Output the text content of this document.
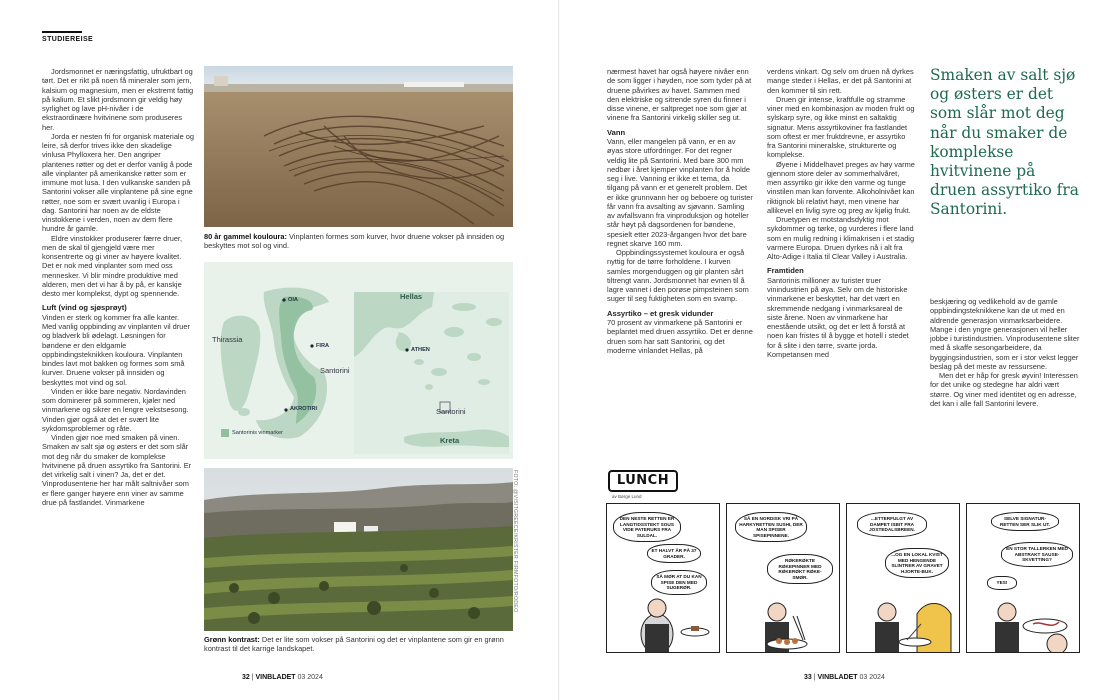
STUDIEREISE

Jordsmonnet er næringsfattig, ufruktbart og tørt. Det er rikt på noen få mineraler som jern, kalsium og magnesium, men er ekstremt fattig på kalium. Et slikt jordsmonn gir veldig høy syrlighet og lave pH-nivåer i de ekstraordinære hvitvinene som produseres her.

Jorda er nesten fri for organisk materiale og leire, så derfor trives ikke den skadelige vinlusa Phylloxera her. Den angriper plantenes røtter og det er derfor vanlig å pode alle vinplanter på amerikanske røtter som er immune mot lusa. I den vulkanske sanden på Santorini vokser alle vinplantene på sine egne røtter, noe som er svært uvanlig i Europa i dag. Santorini har noen av de eldste vinstokkene i verden, noen av dem flere hundre år gamle.

Eldre vinstokker produserer færre druer, men de skal til gjengjeld være mer konsentrerte og gi viner av høyere kvalitet. Det er nok med vinplanter som med oss mennesker. Vi blir mindre produktive med alderen, men det vi har å by på, er kanskje desto mer komplekst, dypt og spennende.

Luft (vind og sjøsprøyt)

Vinden er sterk og kommer fra alle kanter. Med vanlig oppbinding av vinplanten vil druer og bladverk bli ødelagt. Løsningen for bøndene er den eldgamle oppbindingsteknikken kouloura. Vinplanten bindes lavt mot bakken og formes som små kurver. Druene vokser på innsiden og beskyttes mot vind og sol.

Vinden er ikke bare negativ. Nordavinden som dominerer på sommeren, kjøler ned vinmarkene og sikrer en lengre vekstsesong. Vinden gjør også at det er svært lite sykdomsproblemer og råte.

Vinden gjør noe med smaken på vinen. Smaken av salt sjø og østers er det som slår mot deg når du smaker de komplekse hvitvinene på druen assyrtiko fra Santorini. Er det virkelig salt i vinen? Ja, det er det. Vinprodusentene her har målt saltnivåer som er flere ganger høyere enn viner av samme drue på fastlandet. Vinmarkene

80 år gammel kouloura: Vinplanten formes som kurver, hvor druene vokser på innsiden og beskyttes mot sol og vind.
Hellas
Thirassia
Santorini
Santorini
Kreta
OIA
FIRA
AKROTIRI
ATHEN
Santorinis vinmarker
FOTO: @VISITGREECE/KRISTER FIRMFOTO/RODEO
Grønn kontrast: Det er lite som vokser på Santorini og det er vinplantene som gir en grønn kontrast til det karrige landskapet.
32 | VINBLADET 03 2024

nærmest havet har også høyere nivåer enn de som ligger i høyden, noe som tyder på at druene påvirkes av havet. Sammen med den elektriske og sitrende syren du finner i disse vinene, er saltpreget noe som gjør at vinene fra Santorini virkelig skiller seg ut.

Vann

Vann, eller mangelen på vann, er en av øyas store utfordringer. For det regner veldig lite på Santorini. Med bare 300 mm nedbør i året kjemper vinplanten for å holde seg i live. Vanning er ikke et tema, da tilgang på vann er et generelt problem. Det er ikke grunnvann her og beboere og turister får vann fra avsalting av sjøvann. Samling av avfallsvann fra vinproduksjon og hoteller står høyt på dagsordenen for bøndene, spesielt etter 2023-årgangen hvor det bare regnet skarve 160 mm.

Oppbindingssystemet kouloura er også nyttig for de tørre forholdene. I kurven samles morgenduggen og gir planten sårt tiltrengt vann. Jordsmonnet har evnen til å lagre vannet i den porøse pimpsteinen som suger til seg fuktigheten som en svamp.

Assyrtiko – et gresk vidunder

70 prosent av vinmarkene på Santorini er beplantet med druen assyrtiko. Det er denne druen som har satt Santorini, og det moderne vinlandet Hellas, på

verdens vinkart. Og selv om druen nå dyrkes mange steder i Hellas, er det på Santorini at den kommer til sin rett.

Druen gir intense, kraftfulle og stramme viner med en kombinasjon av moden frukt og sylskarp syre, og ikke minst en saltaktig signatur. Mens assyrtikoviner fra fastlandet som oftest er mer fruktdrevne, er assyrtiko fra Santorini mineralske, strukturerte og komplekse.

Øyene i Middelhavet preges av høy varme gjennom store deler av sommerhalvåret, men assyrtiko gir ikke den varme og tunge vinstilen man kan forvente. Alkoholnivået kan riktignok bli relativt høyt, men vinene har allikevel en livlig syre og preg av kjølig frukt.

Druetypen er motstandsdyktig mot sykdommer og tørke, og vurderes i flere land som en mulig redning i klimakrisen i et stadig varmere Europa. Druen dyrkes nå i alt fra Alto-Adige i Italia til Clear Valley i Australia.

Framtiden

Santorinis millioner av turister truer vinindustrien på øya. Selv om de historiske vinmarkene er beskyttet, har det vært en skremmende nedgang i vinmarksareal de siste årene. Noen av vinmarkene har enestående utsikt, og det er lett å forstå at noen kan fristes til å bygge et hotell i stedet for å slite i den tørre, svarte jorda. Kompetansen med

beskjæring og vedlikehold av de gamle oppbindingsteknikkene kan dø ut med en aldrende generasjon vinmarksarbeidere. Mange i den yngre generasjonen vil heller jobbe i turistindustrien. Vinprodusentene sliter med å skaffe sesongarbeidere, da byggingsindustrien, som er i stor vekst legger beslag på det meste av ressursene.

Men det er håp for gresk øyvin! Interessen for det unike og stedegne har aldri vært større. Og viner med identitet og en adresse, det kan i alle fall Santorini levere.

33 | VINBLADET 03 2024
Smaken av salt sjø og østers er det som slår mot deg når du smaker de komplekse hvitvinene på druen assyrtiko fra Santorini.
LUNCH
av Børge Lund
DEN NESTE RETTEN ER LANGTIDSSTEKT SOUS VIDE PATERURS FRA SULDAL.
ET HALVT ÅR PÅ 37 GRADER.
SÅ MØR AT DU KAN SPISE DEN MED SUGERØR.
SÅ EN NORDISK VRI PÅ HARKYRETTEN SUSHI, DER MAN SPISER SPISEPINNENE.
RØKERØKTE RØKEPINNER MED RØKERØKT RØKE-SMØR.
...ETTERFULGT AV DAMPET ISBIT FRA JOSTEDALSBREEN.
...OG EN LOKAL KVIST MED HENGENDE SLINTRER AV GRAVET HJORTE-BUK.
SELVE SIGNATUR-RETTEN SER SLIK UT.
EN STOR TALLERKEN MED ABSTRAKT SAUSE-SKVETTING?
YES!
